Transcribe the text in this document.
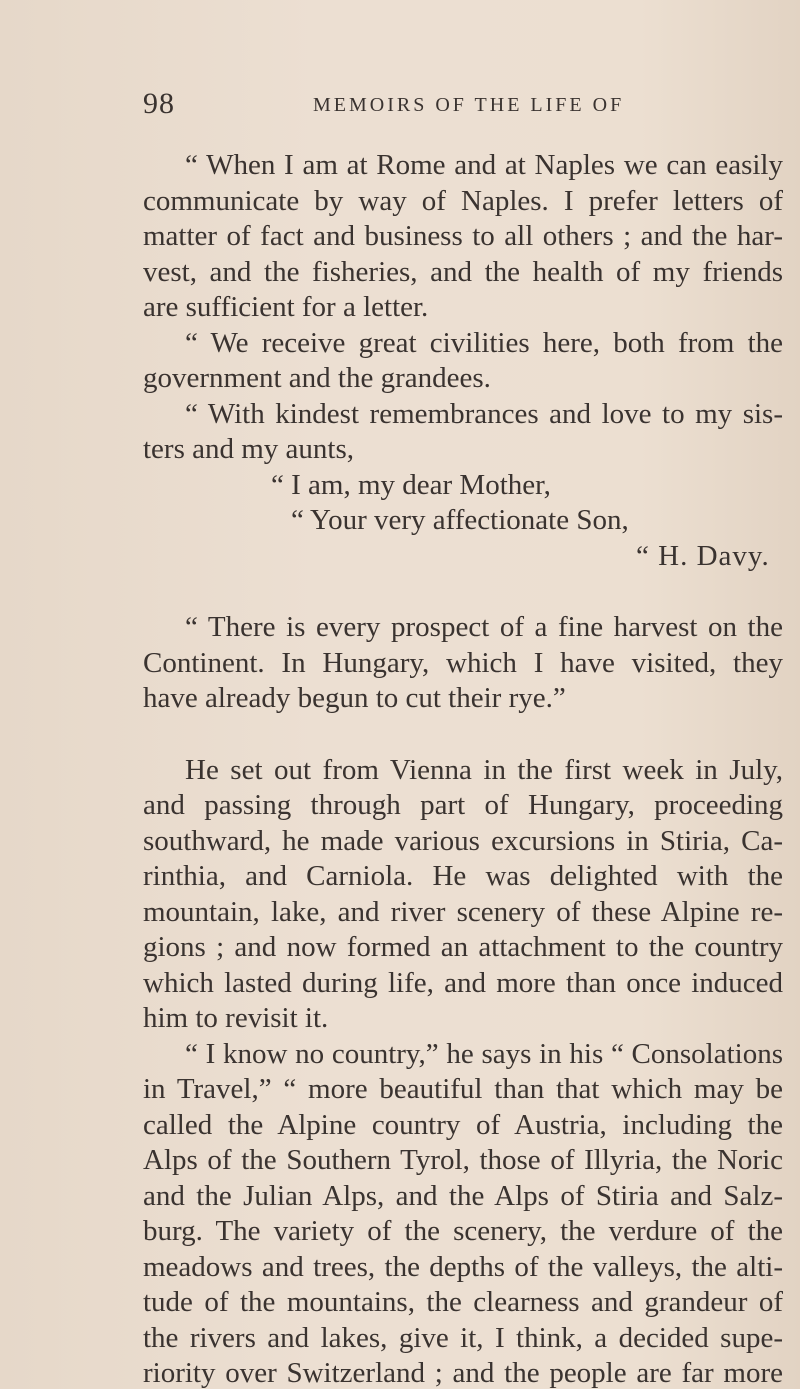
98	MEMOIRS OF THE LIFE OF
“ When I am at Rome and at Naples we can easily
communicate by way of Naples. I prefer letters of
matter of fact and business to all others ; and the har-
vest, and the fisheries, and the health of my friends
are sufficient for a letter.
“ We receive great civilities here, both from the
government and the grandees.
“ With kindest remembrances and love to my sis-
ters and my aunts,
“ I am, my dear Mother,
“ Your very affectionate Son,
“ H. Davy.
“ There is every prospect of a fine harvest on the
Continent. In Hungary, which I have visited, they
have already begun to cut their rye.”
He set out from Vienna in the first week in July,
and passing through part of Hungary, proceeding
southward, he made various excursions in Stiria, Ca-
rinthia, and Carniola. He was delighted with the
mountain, lake, and river scenery of these Alpine re-
gions ; and now formed an attachment to the country
which lasted during life, and more than once induced
him to revisit it.
“ I know no country,” he says in his “ Consolations
in Travel,” “ more beautiful than that which may be
called the Alpine country of Austria, including the
Alps of the Southern Tyrol, those of Illyria, the Noric
and the Julian Alps, and the Alps of Stiria and Salz-
burg. The variety of the scenery, the verdure of the
meadows and trees, the depths of the valleys, the alti-
tude of the mountains, the clearness and grandeur of
the rivers and lakes, give it, I think, a decided supe-
riority over Switzerland ; and the people are far more
